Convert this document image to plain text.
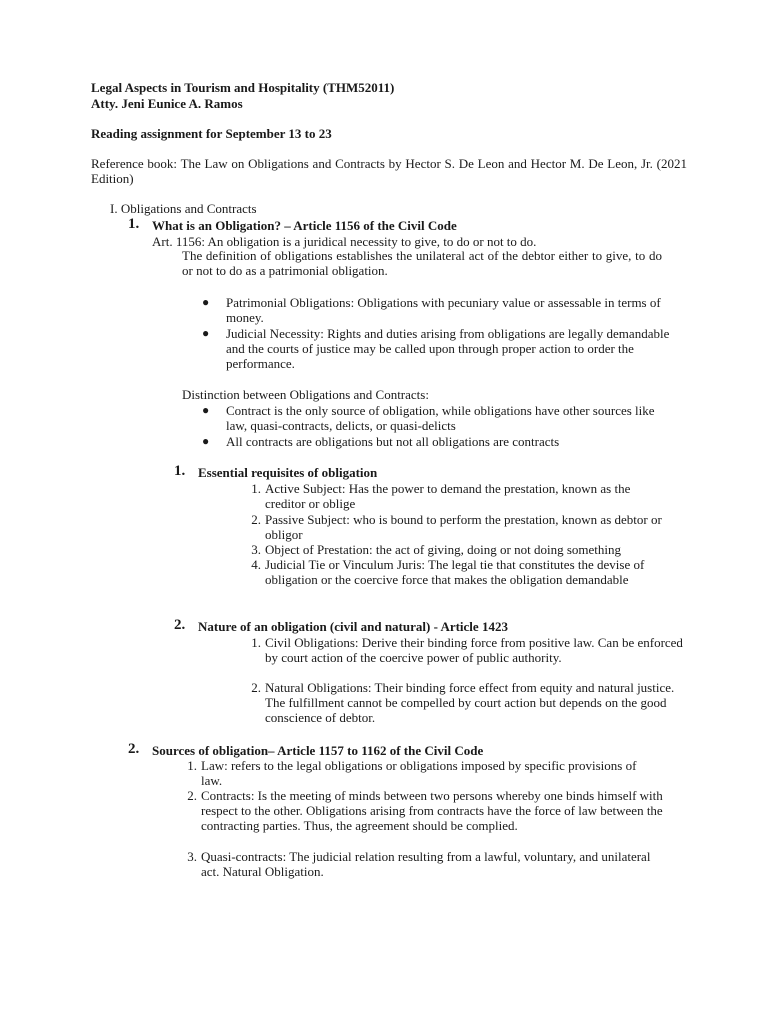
Legal Aspects in Tourism and Hospitality (THM52011)
Atty. Jeni Eunice A. Ramos
Reading assignment for September 13 to 23
Reference book: The Law on Obligations and Contracts by Hector S. De Leon and Hector M. De Leon, Jr. (2021 Edition)
I. Obligations and Contracts
1. What is an Obligation? – Article 1156 of the Civil Code
Art. 1156: An obligation is a juridical necessity to give, to do or not to do.
The definition of obligations establishes the unilateral act of the debtor either to give, to do or not to do as a patrimonial obligation.
● Patrimonial Obligations: Obligations with pecuniary value or assessable in terms of money.
● Judicial Necessity: Rights and duties arising from obligations are legally demandable and the courts of justice may be called upon through proper action to order the performance.
Distinction between Obligations and Contracts:
● Contract is the only source of obligation, while obligations have other sources like law, quasi-contracts, delicts, or quasi-delicts
● All contracts are obligations but not all obligations are contracts
1. Essential requisites of obligation
1. Active Subject: Has the power to demand the prestation, known as the creditor or oblige
2. Passive Subject: who is bound to perform the prestation, known as debtor or obligor
3. Object of Prestation: the act of giving, doing or not doing something
4. Judicial Tie or Vinculum Juris: The legal tie that constitutes the devise of obligation or the coercive force that makes the obligation demandable
2. Nature of an obligation (civil and natural) - Article 1423
1. Civil Obligations: Derive their binding force from positive law. Can be enforced by court action of the coercive power of public authority.
2. Natural Obligations: Their binding force effect from equity and natural justice. The fulfillment cannot be compelled by court action but depends on the good conscience of debtor.
2. Sources of obligation– Article 1157 to 1162 of the Civil Code
1. Law: refers to the legal obligations or obligations imposed by specific provisions of law.
2. Contracts: Is the meeting of minds between two persons whereby one binds himself with respect to the other. Obligations arising from contracts have the force of law between the contracting parties. Thus, the agreement should be complied.
3. Quasi-contracts: The judicial relation resulting from a lawful, voluntary, and unilateral act. Natural Obligation.
